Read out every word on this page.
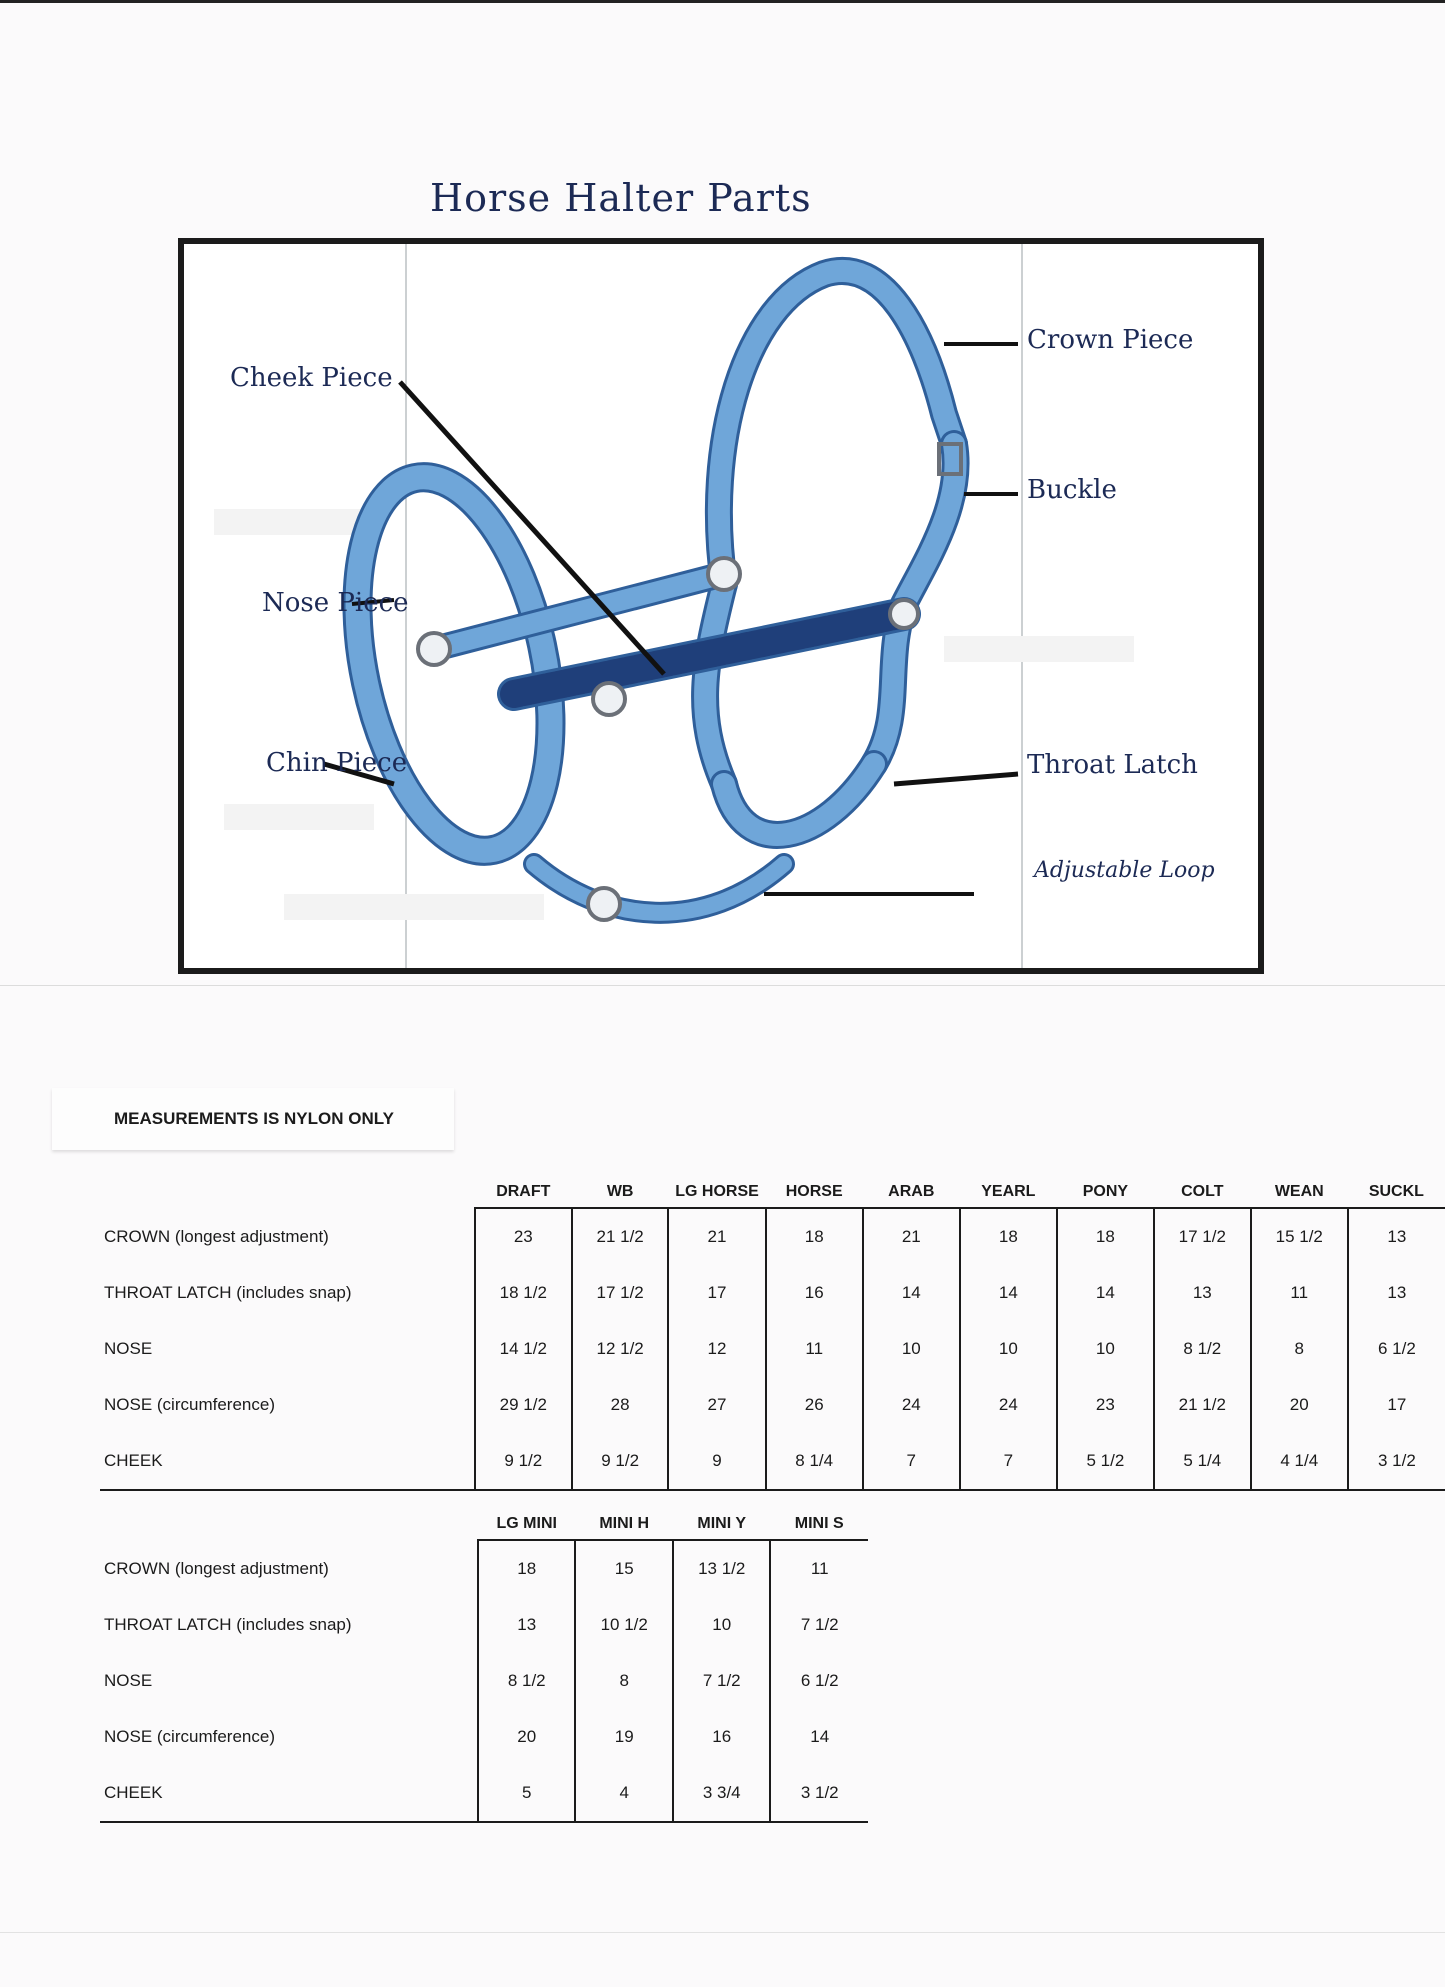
Horse Halter Parts
Cheek Piece
Crown Piece
Buckle
Nose Piece
Chin Piece	Throat Latch
Adjustable Loop
MEASUREMENTS IS NYLON ONLY
	DRAFT	WB	LG HORSE	HORSE	ARAB	YEARL	PONY	COLT	WEAN	SUCKL
CROWN (longest adjustment)	23	21 1/2	21	18	21	18	18	17 1/2	15 1/2	13
THROAT LATCH (includes snap)	18 1/2	17 1/2	17	16	14	14	14	13	11	13
NOSE	14 1/2	12 1/2	12	11	10	10	10	8 1/2	8	6 1/2
NOSE (circumference)	29 1/2	28	27	26	24	24	23	21 1/2	20	17
CHEEK	9 1/2	9 1/2	9	8 1/4	7	7	5 1/2	5 1/4	4 1/4	3 1/2
	LG MINI	MINI H	MINI Y	MINI S
CROWN (longest adjustment)	18	15	13 1/2	11
THROAT LATCH (includes snap)	13	10 1/2	10	7 1/2
NOSE	8 1/2	8	7 1/2	6 1/2
NOSE (circumference)	20	19	16	14
CHEEK	5	4	3 3/4	3 1/2
